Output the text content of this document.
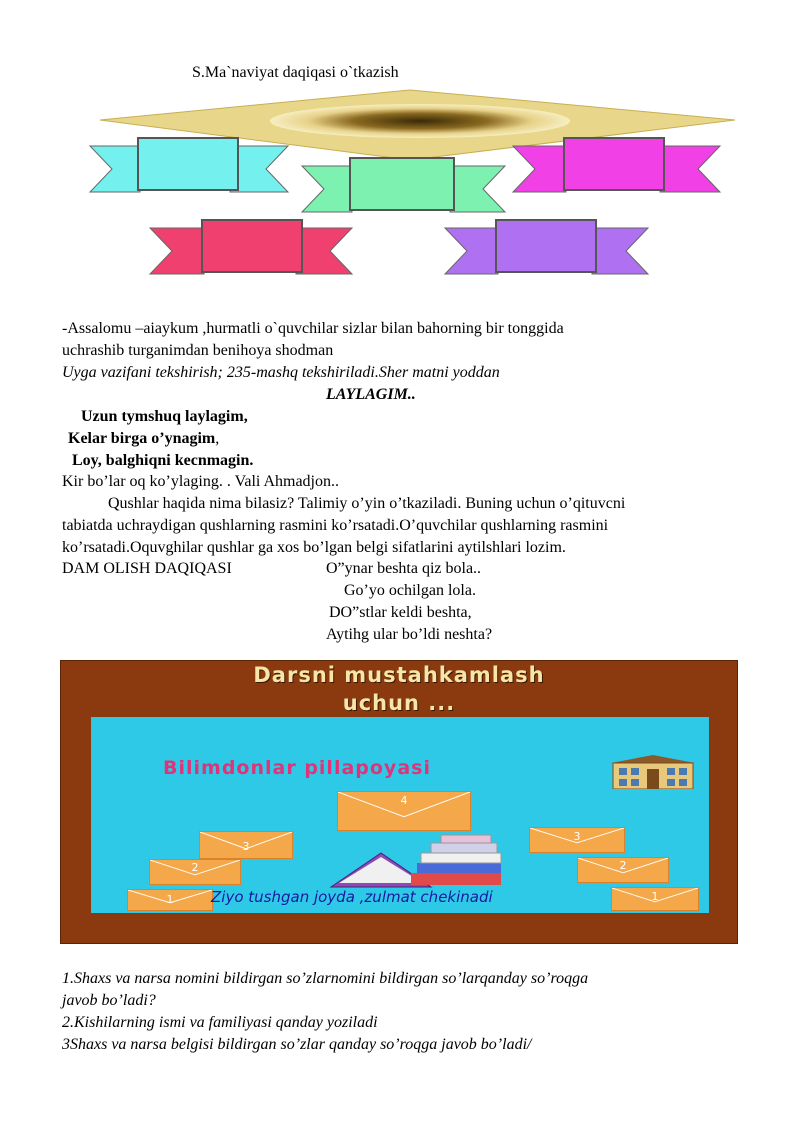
S.Ma`naviyat daqiqasi o`tkazish
-Assalomu –aiaykum ,hurmatli o`quvchilar sizlar bilan bahorning bir tonggida
uchrashib turganimdan benihoya shodman
Uyga vazifani tekshirish; 235-mashq tekshiriladi.Sher matni yoddan
LAYLAGIM..
Uzun tymshuq laylagim,
Kelar birga o’ynagim,
Loy, balghiqni kecnmagin.
Kir bo’lar oq ko’ylaging. . Vali Ahmadjon..
Qushlar haqida nima bilasiz? Talimiy o’yin o’tkaziladi. Buning uchun o’qituvcni
tabiatda uchraydigan qushlarning rasmini ko’rsatadi.O’quvchilar qushlarning rasmini
ko’rsatadi.Oquvghilar qushlar ga xos bo’lgan belgi sifatlarini aytilshlari lozim.
DAM OLISH DAQIQASI	O”ynar beshta qiz bola..
Go’yo ochilgan lola.
DO”stlar keldi beshta,
Aytihg ular bo’ldi neshta?
Darsni mustahkamlash
uchun ...
Bilimdonlar pillapoyasi
4
3
3
2	2
1	1
Ziyo tushgan joyda ,zulmat chekinadi
1.Shaxs va narsa nomini bildirgan so’zlarnomini bildirgan so’larqanday so’roqga
javob bo’ladi?
2.Kishilarning ismi va familiyasi qanday yoziladi
3Shaxs va narsa belgisi bildirgan so’zlar qanday so’roqga javob bo’ladi/
